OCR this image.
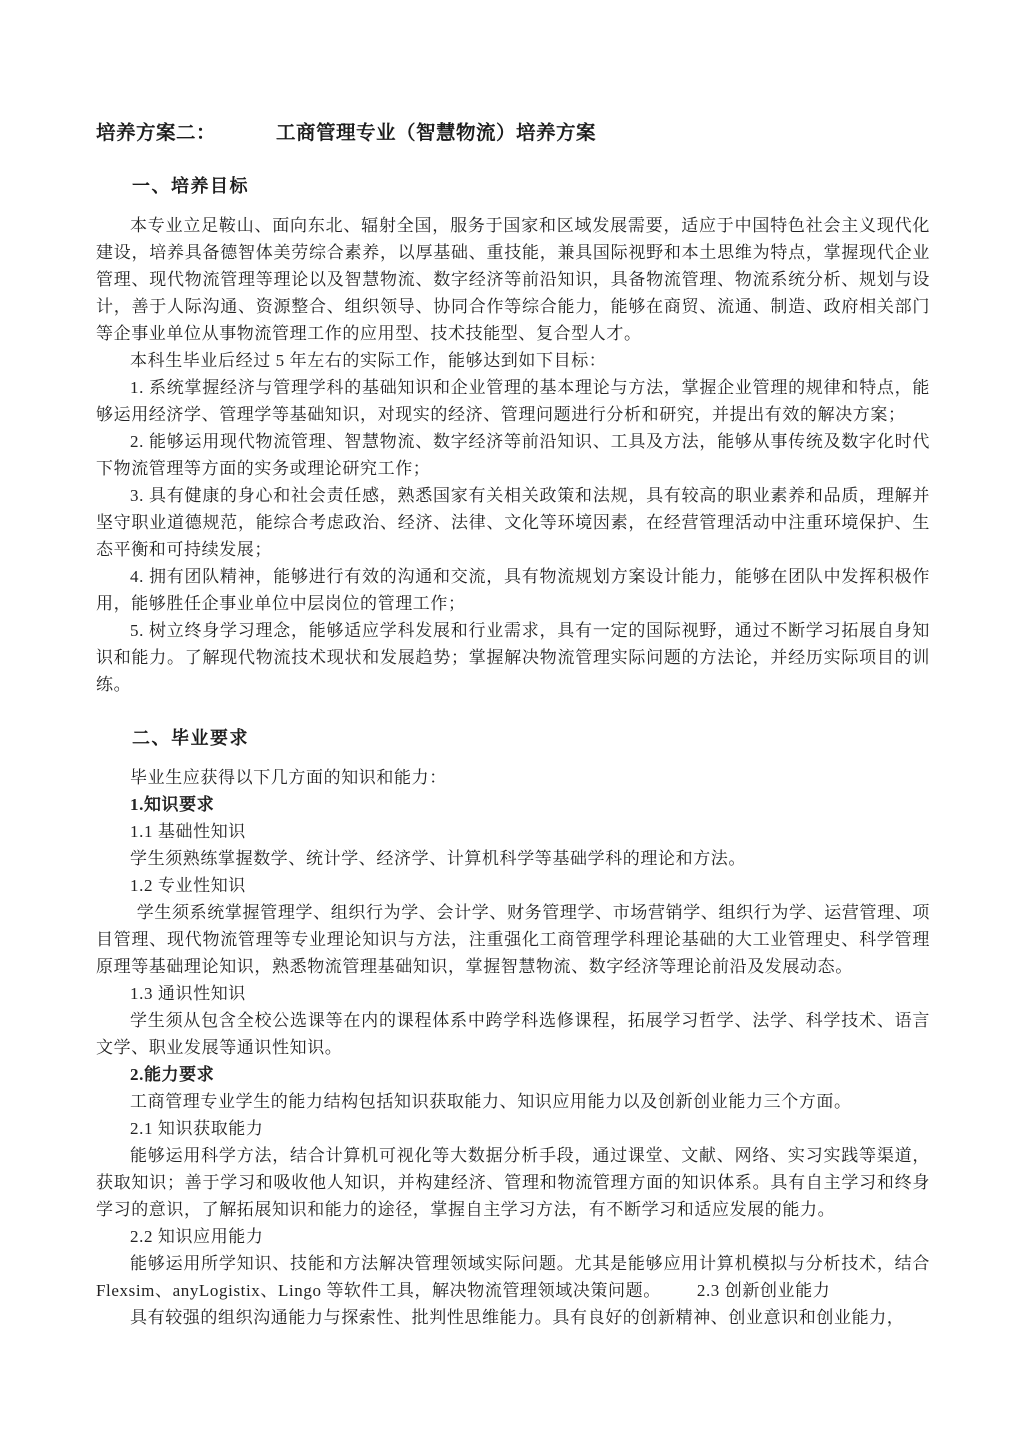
培养方案二：	工商管理专业（智慧物流）培养方案
一、培养目标

本专业立足鞍山、面向东北、辐射全国，服务于国家和区域发展需要，适应于中国特色社会主义现代化建设，培养具备德智体美劳综合素养，以厚基础、重技能，兼具国际视野和本土思维为特点，掌握现代企业管理、现代物流管理等理论以及智慧物流、数字经济等前沿知识，具备物流管理、物流系统分析、规划与设计，善于人际沟通、资源整合、组织领导、协同合作等综合能力，能够在商贸、流通、制造、政府相关部门等企事业单位从事物流管理工作的应用型、技术技能型、复合型人才。

本科生毕业后经过 5 年左右的实际工作，能够达到如下目标：

1. 系统掌握经济与管理学科的基础知识和企业管理的基本理论与方法，掌握企业管理的规律和特点，能够运用经济学、管理学等基础知识，对现实的经济、管理问题进行分析和研究，并提出有效的解决方案；

2. 能够运用现代物流管理、智慧物流、数字经济等前沿知识、工具及方法，能够从事传统及数字化时代下物流管理等方面的实务或理论研究工作；

3. 具有健康的身心和社会责任感，熟悉国家有关相关政策和法规，具有较高的职业素养和品质，理解并坚守职业道德规范，能综合考虑政治、经济、法律、文化等环境因素，在经营管理活动中注重环境保护、生态平衡和可持续发展；

4. 拥有团队精神，能够进行有效的沟通和交流，具有物流规划方案设计能力，能够在团队中发挥积极作用，能够胜任企事业单位中层岗位的管理工作；

5. 树立终身学习理念，能够适应学科发展和行业需求，具有一定的国际视野，通过不断学习拓展自身知识和能力。了解现代物流技术现状和发展趋势；掌握解决物流管理实际问题的方法论，并经历实际项目的训练。

二、毕业要求

毕业生应获得以下几方面的知识和能力：

1.知识要求

1.1 基础性知识

学生须熟练掌握数学、统计学、经济学、计算机科学等基础学科的理论和方法。

1.2 专业性知识

学生须系统掌握管理学、组织行为学、会计学、财务管理学、市场营销学、组织行为学、运营管理、项目管理、现代物流管理等专业理论知识与方法，注重强化工商管理学科理论基础的大工业管理史、科学管理原理等基础理论知识，熟悉物流管理基础知识，掌握智慧物流、数字经济等理论前沿及发展动态。

1.3 通识性知识

学生须从包含全校公选课等在内的课程体系中跨学科选修课程，拓展学习哲学、法学、科学技术、语言文学、职业发展等通识性知识。

2.能力要求

工商管理专业学生的能力结构包括知识获取能力、知识应用能力以及创新创业能力三个方面。

2.1 知识获取能力

能够运用科学方法，结合计算机可视化等大数据分析手段，通过课堂、文献、网络、实习实践等渠道，获取知识；善于学习和吸收他人知识，并构建经济、管理和物流管理方面的知识体系。具有自主学习和终身学习的意识，了解拓展知识和能力的途径，掌握自主学习方法，有不断学习和适应发展的能力。

2.2 知识应用能力

能够运用所学知识、技能和方法解决管理领域实际问题。尤其是能够应用计算机模拟与分析技术，结合 Flexsim、anyLogistix、Lingo 等软件工具，解决物流管理领域决策问题。 2.3 创新创业能力

具有较强的组织沟通能力与探索性、批判性思维能力。具有良好的创新精神、创业意识和创业能力，
